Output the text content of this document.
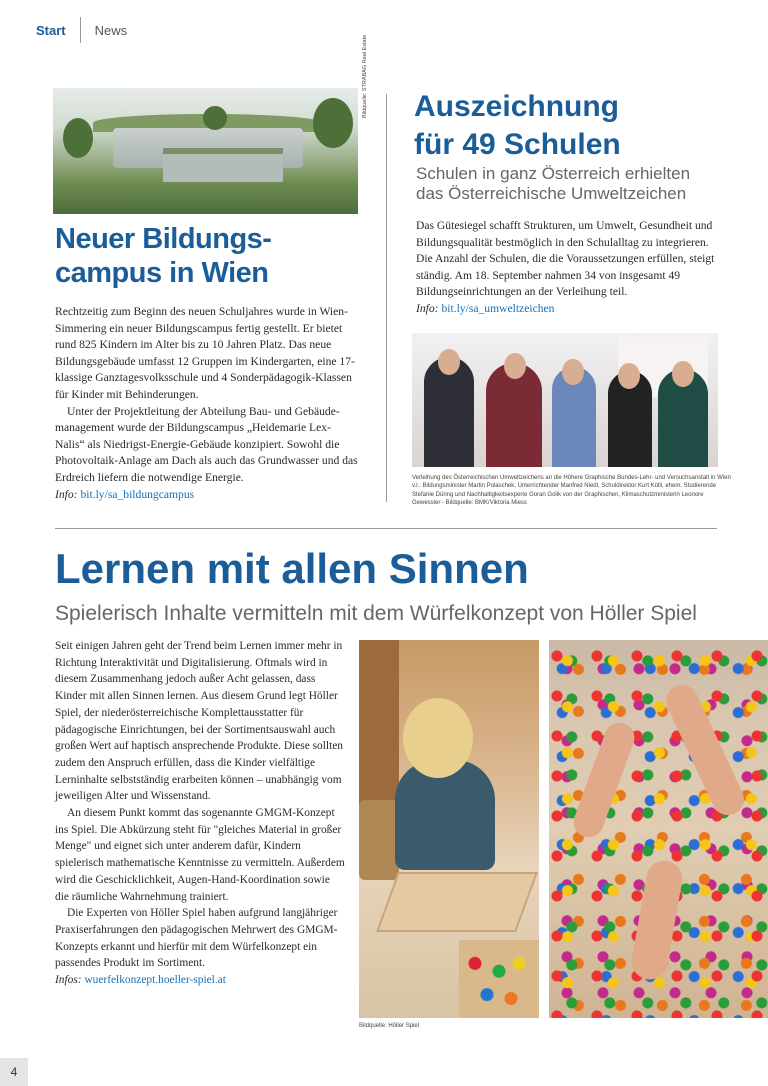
Start News
Bildquelle: STRABAG Real Estate
Neuer Bildungs-
campus in Wien

Rechtzeitig zum Beginn des neuen Schuljahres wurde in Wien-Simmering ein neuer Bildungscampus fertig gestellt. Er bietet rund 825 Kindern im Alter bis zu 10 Jahren Platz. Das neue Bildungsgebäude umfasst 12 Gruppen im Kindergarten, eine 17-klassige Ganztagesvolksschule und 4 Sonderpädagogik-Klassen für Kinder mit Behinderungen.

Unter der Projektleitung der Abteilung Bau- und Gebäudemanagement wurde der Bildungscampus „Heidemarie Lex-Nalis“ als Niedrigst-Energie-Gebäude konzipiert. Sowohl die Photovoltaik-Anlage am Dach als auch das Grundwasser und das Erdreich liefern die notwendige Energie.

Info: bit.ly/sa_bildungcampus

Auszeichnung
für 49 Schulen
Schulen in ganz Österreich erhielten
das Österreichische Umweltzeichen

Das Gütesiegel schafft Strukturen, um Umwelt, Gesundheit und Bildungsqualität bestmöglich in den Schulalltag zu integrieren. Die Anzahl der Schulen, die die Voraussetzungen erfüllen, steigt ständig. Am 18. September nahmen 34 von insgesamt 49 Bildungseinrichtungen an der Verleihung teil.

Info: bit.ly/sa_umweltzeichen

Verleihung des Österreichischen Umweltzeichens an die Höhere Graphische Bundes-Lehr- und Versuchsanstalt in Wien v.l.: Bildungsminister Martin Polaschek, Unterrichtender Manfred Niedl, Schuldirektor Kurt Kölli, ehem. Studierende Stefanie Düring und Nachhaltigkeitsexperte Goran Golik von der Graphischen, Klimaschutzministerin Leonore Gewessler - Bildquelle: BMK/Viktoria Miess
Lernen mit allen Sinnen
Spielerisch Inhalte vermitteln mit dem Würfelkonzept von Höller Spiel

Seit einigen Jahren geht der Trend beim Lernen immer mehr in Richtung Interaktivität und Digitalisierung. Oftmals wird in diesem Zusammenhang jedoch außer Acht gelassen, dass Kinder mit allen Sinnen lernen. Aus diesem Grund legt Höller Spiel, der niederösterreichische Komplettausstatter für pädagogische Einrichtungen, bei der Sortimentsauswahl auch großen Wert auf haptisch ansprechende Produkte. Diese sollten zudem den Anspruch erfüllen, dass die Kinder vielfältige Lerninhalte selbstständig erarbeiten können – unabhängig vom jeweiligen Alter und Wissenstand.

An diesem Punkt kommt das sogenannte GMGM-Konzept ins Spiel. Die Abkürzung steht für "gleiches Material in großer Menge" und eignet sich unter anderem dafür, Kindern spielerisch mathematische Kenntnisse zu vermitteln. Außerdem wird die Geschicklichkeit, Augen-Hand-Koordination sowie die räumliche Wahrnehmung trainiert.

Die Experten von Höller Spiel haben aufgrund langjähriger Praxiserfahrungen den pädagogischen Mehrwert des GMGM-Konzepts erkannt und hierfür mit dem Würfelkonzept ein passendes Produkt im Sortiment.

Infos: wuerfelkonzept.hoeller-spiel.at

Bildquelle: Höller Spiel
4
